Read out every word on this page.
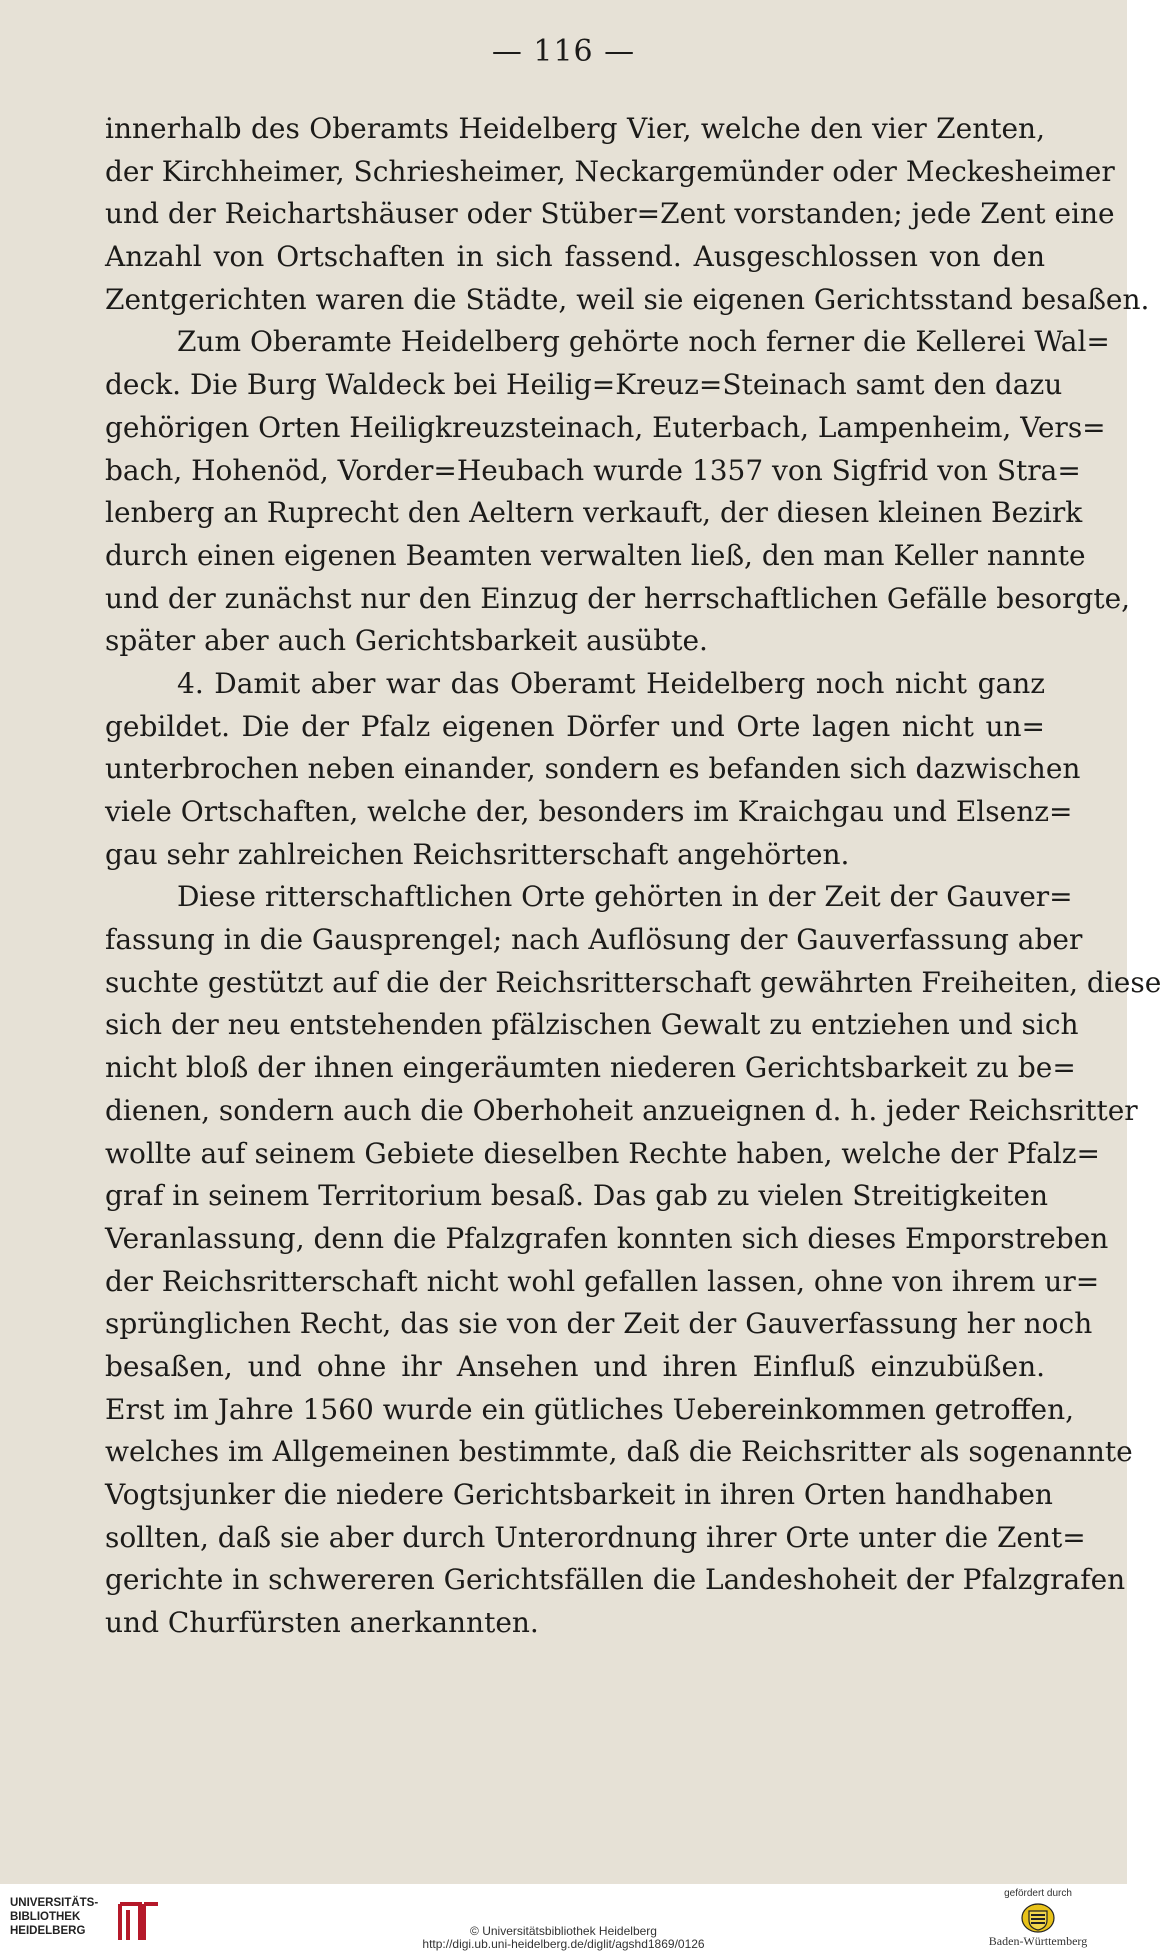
— 116 —
innerhalb des Oberamts Heidelberg Vier, welche den vier Zenten,
der Kirchheimer, Schriesheimer, Neckargemünder oder Meckesheimer
und der Reichartshäuser oder Stüber=Zent vorstanden; jede Zent eine
Anzahl von Ortschaften in sich fassend. Ausgeschlossen von den
Zentgerichten waren die Städte, weil sie eigenen Gerichtsstand besaßen.
Zum Oberamte Heidelberg gehörte noch ferner die Kellerei Wal=
deck. Die Burg Waldeck bei Heilig=Kreuz=Steinach samt den dazu
gehörigen Orten Heiligkreuzsteinach, Euterbach, Lampenheim, Vers=
bach, Hohenöd, Vorder=Heubach wurde 1357 von Sigfrid von Stra=
lenberg an Ruprecht den Aeltern verkauft, der diesen kleinen Bezirk
durch einen eigenen Beamten verwalten ließ, den man Keller nannte
und der zunächst nur den Einzug der herrschaftlichen Gefälle besorgte,
später aber auch Gerichtsbarkeit ausübte.
4. Damit aber war das Oberamt Heidelberg noch nicht ganz
gebildet. Die der Pfalz eigenen Dörfer und Orte lagen nicht un=
unterbrochen neben einander, sondern es befanden sich dazwischen
viele Ortschaften, welche der, besonders im Kraichgau und Elsenz=
gau sehr zahlreichen Reichsritterschaft angehörten.
Diese ritterschaftlichen Orte gehörten in der Zeit der Gauver=
fassung in die Gausprengel; nach Auflösung der Gauverfassung aber
suchte gestützt auf die der Reichsritterschaft gewährten Freiheiten, diese
sich der neu entstehenden pfälzischen Gewalt zu entziehen und sich
nicht bloß der ihnen eingeräumten niederen Gerichtsbarkeit zu be=
dienen, sondern auch die Oberhoheit anzueignen d. h. jeder Reichsritter
wollte auf seinem Gebiete dieselben Rechte haben, welche der Pfalz=
graf in seinem Territorium besaß. Das gab zu vielen Streitigkeiten
Veranlassung, denn die Pfalzgrafen konnten sich dieses Emporstreben
der Reichsritterschaft nicht wohl gefallen lassen, ohne von ihrem ur=
sprünglichen Recht, das sie von der Zeit der Gauverfassung her noch
besaßen, und ohne ihr Ansehen und ihren Einfluß einzubüßen.
Erst im Jahre 1560 wurde ein gütliches Uebereinkommen getroffen,
welches im Allgemeinen bestimmte, daß die Reichsritter als sogenannte
Vogtsjunker die niedere Gerichtsbarkeit in ihren Orten handhaben
sollten, daß sie aber durch Unterordnung ihrer Orte unter die Zent=
gerichte in schwereren Gerichtsfällen die Landeshoheit der Pfalzgrafen
und Churfürsten anerkannten.
UNIVERSITÄTS-
BIBLIOTHEK
HEIDELBERG	© Universitätsbibliothek Heidelberg
http://digi.ub.uni-heidelberg.de/diglit/agshd1869/0126
gefördert durch
Baden-Württemberg
